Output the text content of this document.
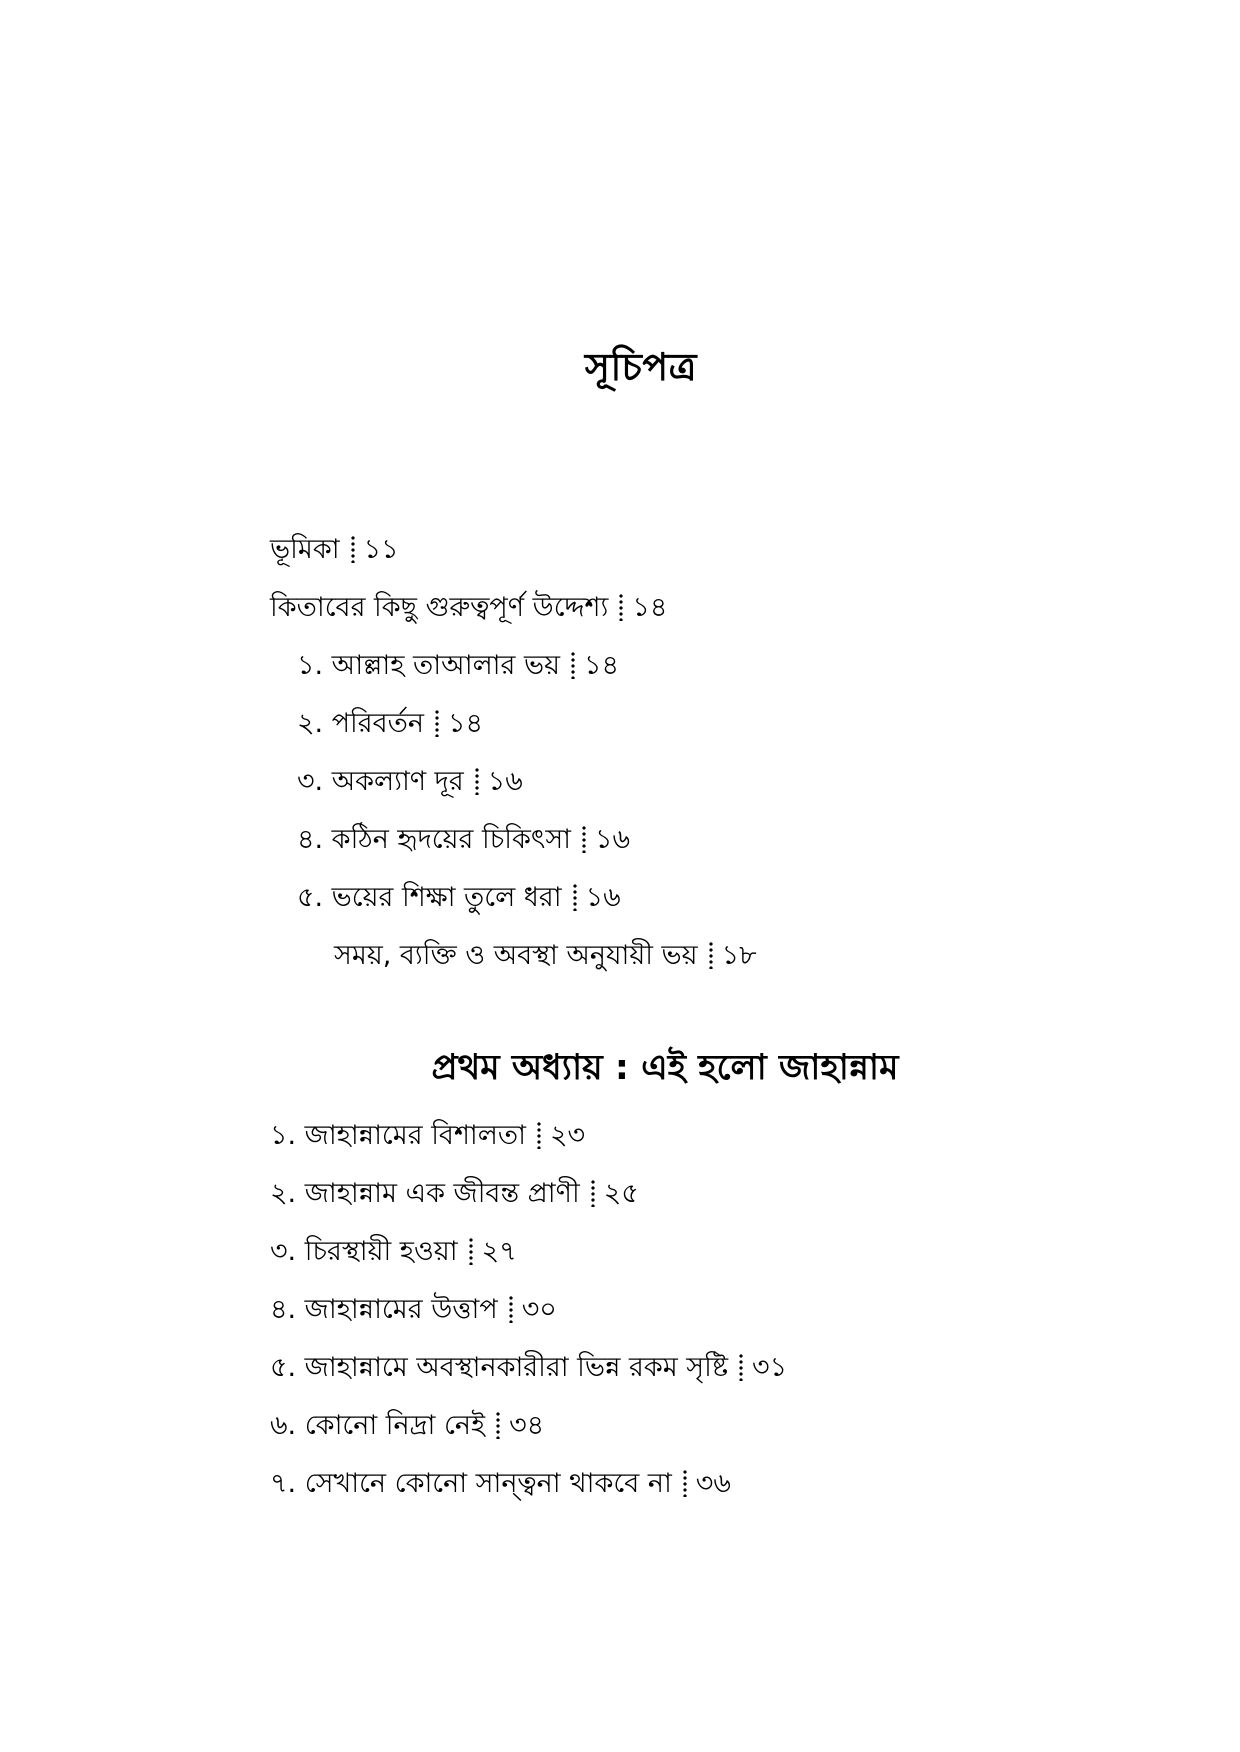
সূচিপত্র
ভূমিকা ১১
কিতাবের কিছু গুরুত্বপূর্ণ উদ্দেশ্য ১৪
১. আল্লাহ তাআলার ভয় ১৪
২. পরিবর্তন ১৪
৩. অকল্যাণ দূর ১৬
৪. কঠিন হৃদয়ের চিকিৎসা ১৬
৫. ভয়ের শিক্ষা তুলে ধরা ১৬
সময়, ব্যক্তি ও অবস্থা অনুযায়ী ভয় ১৮
প্রথম অধ্যায় : এই হলো জাহান্নাম
১. জাহান্নামের বিশালতা ২৩
২. জাহান্নাম এক জীবন্ত প্রাণী ২৫
৩. চিরস্থায়ী হওয়া ২৭
৪. জাহান্নামের উত্তাপ ৩০
৫. জাহান্নামে অবস্থানকারীরা ভিন্ন রকম সৃষ্টি ৩১
৬. কোনো নিদ্রা নেই ৩৪
৭. সেখানে কোনো সান্ত্বনা থাকবে না ৩৬
